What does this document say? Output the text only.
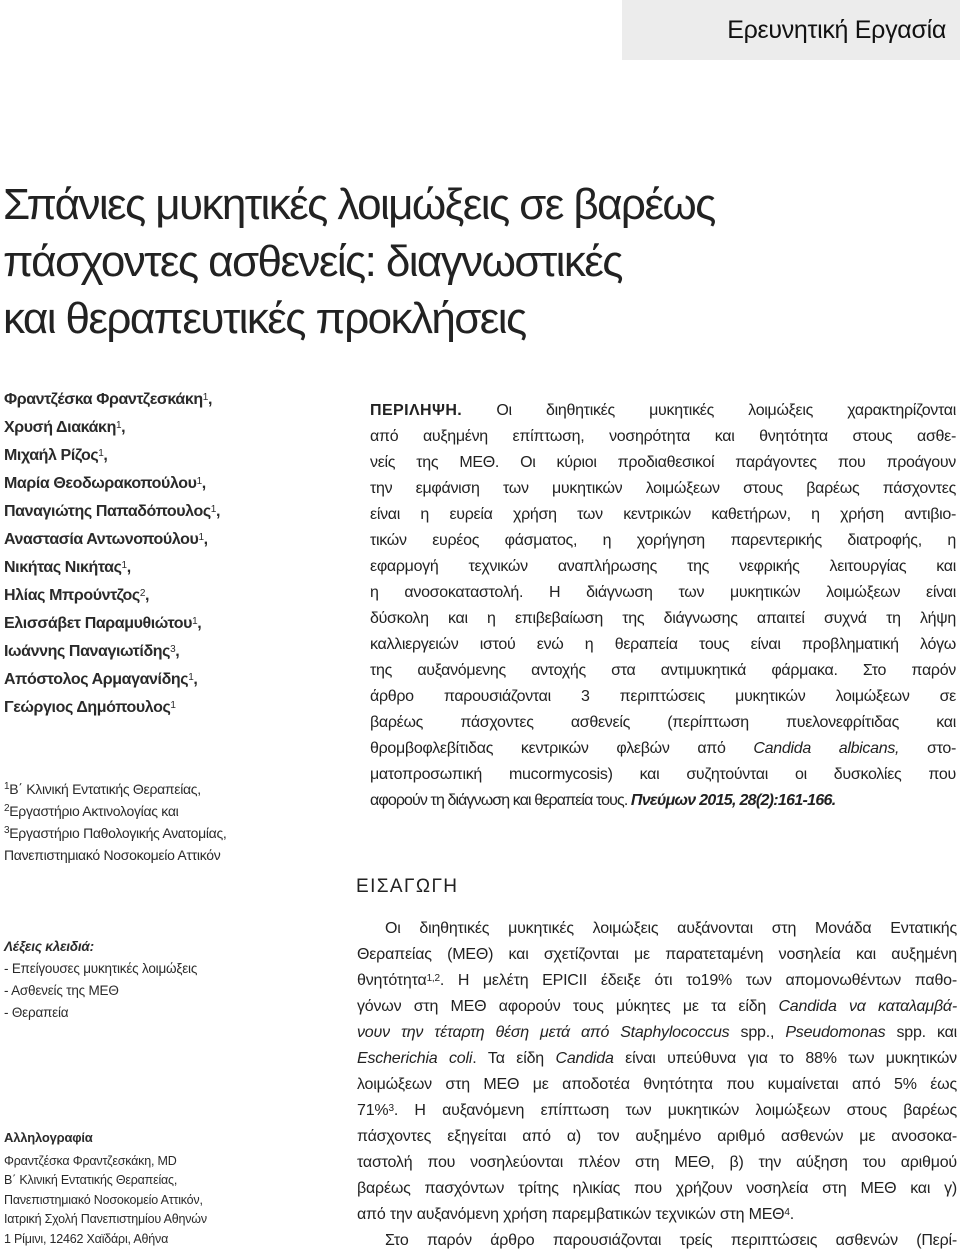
Ερευνητική Εργασία
Σπάνιες μυκητικές λοιμώξεις σε βαρέως
πάσχοντες ασθενείς: διαγνωστικές
και θεραπευτικές προκλήσεις
Φραντζέσκα Φραντζεσκάκη$^1$,
Χρυσή Διακάκη$^1$,
Μιχαήλ Ρίζος$^1$,
Μαρία Θεοδωρακοπούλου$^1$,
Παναγιώτης Παπαδόπουλος$^1$,
Αναστασία Αντωνοπούλου$^1$,
Νικήτας Νικήτας$^1$,
Ηλίας Μπρούντζος$^2$,
Ελισσάβετ Παραμυθιώτου$^1$,
Ιωάννης Παναγιωτίδης$^3$,
Απόστολος Αρμαγανίδης$^1$,
Γεώργιος Δημόπουλος$^1$
$^1$Β΄ Κλινική Εντατικής Θεραπείας,
$^2$Εργαστήριο Ακτινολογίας και
$^3$Εργαστήριο Παθολογικής Ανατομίας,
Πανεπιστημιακό Νοσοκομείο Αττικόν
Λέξεις κλειδιά:
- Επείγουσες μυκητικές λοιμώξεις
- Ασθενείς της ΜΕΘ
- Θεραπεία
Αλληλογραφία
Φραντζέσκα Φραντζεσκάκη, MD
Β΄ Κλινική Εντατικής Θεραπείας,
Πανεπιστημιακό Νοσοκομείο Αττικόν,
Ιατρική Σχολή Πανεπιστημίου Αθηνών
1 Ρίμινι, 12462 Χαϊδάρι, Αθήνα
ΠΕΡΙΛΗΨΗ. Οι διηθητικές μυκητικές λοιμώξεις χαρακτηρίζονται
από αυξημένη επίπτωση, νοσηρότητα και θνητότητα στους ασθε-
νείς της ΜΕΘ. Οι κύριοι προδιαθεσικοί παράγοντες που προάγουν
την εμφάνιση των μυκητικών λοιμώξεων στους βαρέως πάσχοντες
είναι η ευρεία χρήση των κεντρικών καθετήρων, η χρήση αντιβιο-
τικών ευρέος φάσματος, η χορήγηση παρεντερικής διατροφής, η
εφαρμογή τεχνικών αναπλήρωσης της νεφρικής λειτουργίας και
η ανοσοκαταστολή. Η διάγνωση των μυκητικών λοιμώξεων είναι
δύσκολη και η επιβεβαίωση της διάγνωσης απαιτεί συχνά τη λήψη
καλλιεργειών ιστού ενώ η θεραπεία τους είναι προβληματική λόγω
της αυξανόμενης αντοχής στα αντιμυκητικά φάρμακα. Στο παρόν
άρθρο παρουσιάζονται 3 περιπτώσεις μυκητικών λοιμώξεων σε
βαρέως πάσχοντες ασθενείς (περίπτωση πυελονεφρίτιδας και
θρομβοφλεβίτιδας κεντρικών φλεβών από Candida albicans, στο-
ματοπροσωπική mucormycosis) και συζητούνται οι δυσκολίες που
αφορούν τη διάγνωση και θεραπεία τους. Πνεύμων 2015, 28(2):161-166.
ΕΙΣΑΓΩΓΗ
Οι διηθητικές μυκητικές λοιμώξεις αυξάνονται στη Μονάδα Εντατικής
Θεραπείας (ΜΕΘ) και σχετίζονται με παρατεταμένη νοσηλεία και αυξημένη
θνητότητα$^{1,2}$. Η μελέτη EPICII έδειξε ότι το19% των απομονωθέντων παθο-
γόνων στη ΜΕΘ αφορούν τους μύκητες με τα είδη Candida να καταλαμβά-
νουν την τέταρτη θέση μετά από Staphylococcus spp., Pseudomonas spp. και
Escherichia coli. Τα είδη Candida είναι υπεύθυνα για το 88% των μυκητικών
λοιμώξεων στη ΜΕΘ με αποδοτέα θνητότητα που κυμαίνεται από 5% έως
71%$^3$. Η αυξανόμενη επίπτωση των μυκητικών λοιμώξεων στους βαρέως
πάσχοντες εξηγείται από α) τον αυξημένο αριθμό ασθενών με ανοσοκα-
ταστολή που νοσηλεύονται πλέον στη ΜΕΘ, β) την αύξηση του αριθμού
βαρέως πασχόντων τρίτης ηλικίας που χρήζουν νοσηλεία στη ΜΕΘ και γ)
από την αυξανόμενη χρήση παρεμβατικών τεχνικών στη ΜΕΘ$^4$.
Στο παρόν άρθρο παρουσιάζονται τρείς περιπτώσεις ασθενών (Περί-
